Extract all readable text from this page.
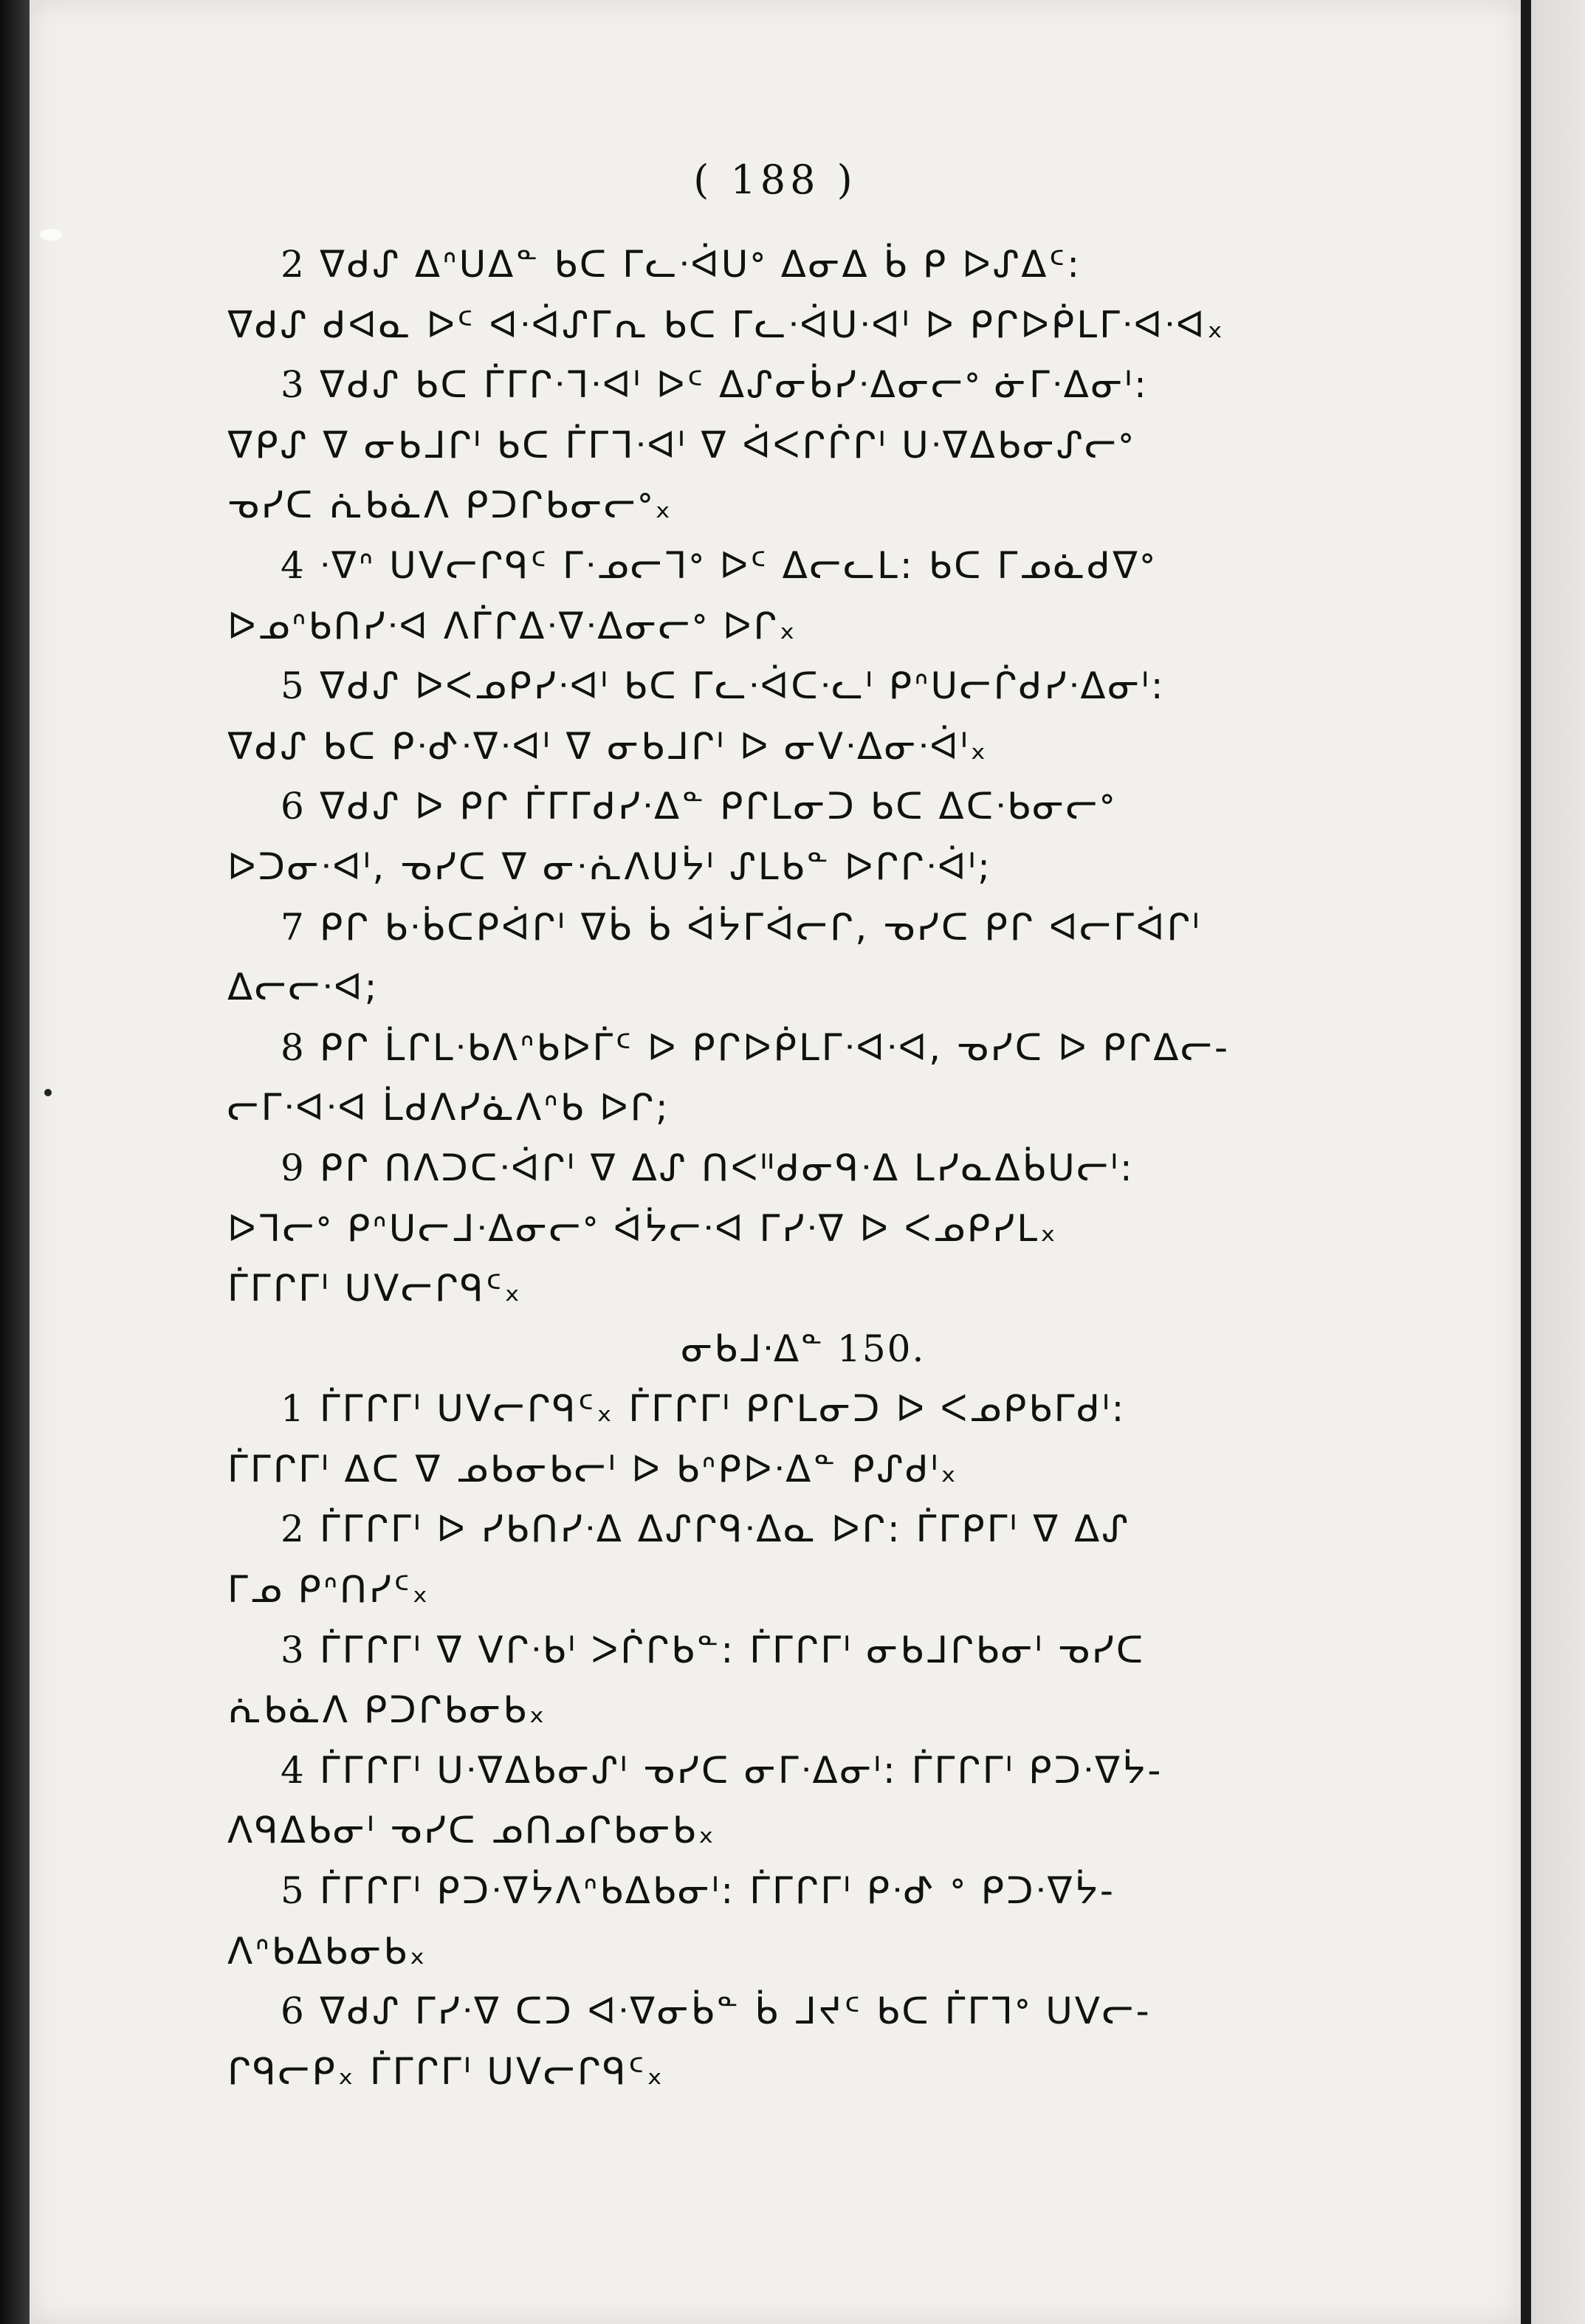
( 188 )
2 ᐁᑯᔑ ᐃᐢᑌᐃᓐ ᑲᑕ ᒥᓚᐧᐋᑌᐤ ᐃᓂᐃ ᑳ ᑭ ᐅᔑᐃᑦ:
ᐁᑯᔑ ᑯᐊᓇ ᐅᑦ ᐊᐧᐋᔑᒥᕆ ᑲᑕ ᒥᓚᐧᐋᑌᐧᐊᑊ ᐅ ᑭᒋᐅᑮᒪᒥᐧᐊᐧᐊₓ
3 ᐁᑯᔑ ᑲᑕ ᒦᒥᒋᐧᒣᐧᐊᑊ ᐅᑦ ᐃᔑᓂᑳᓯᐧᐃᓂᓕᐤ ᓃᒥᐧᐃᓂᑊ:
ᐁᑭᔑ ᐁ ᓂᑲᒧᒋᑊ ᑲᑕ ᒦᒥᒣᐧᐊᑊ ᐁ ᐋᐸᒋᒌᒋᑊ ᑌᐧᐁᐃᑲᓂᔑᓕᐤ
ᓀᓯᑕ ᕇᑲᓈᐱ ᑭᑐᒋᑲᓂᓕᐤₓ
4 ᐧᐁᐢ ᑌᐯᓕᒋᑫᑦ ᒥᐧᓄᓕᒣᐤ ᐅᑦ ᐃᓕᓚᒪ: ᑲᑕ ᒥᓄᓈᑯᐁᐤ
ᐅᓄᐢᑲᑎᓯᐧᐊ ᐱᒦᒋᐃᐧᐁᐧᐃᓂᓕᐤ ᐅᒋₓ
5 ᐁᑯᔑ ᐅᐸᓄᑭᓯᐧᐊᑊ ᑲᑕ ᒥᓚᐧᐋᑕᐧᓚᑊ ᑭᐢᑌᓕᒌᑯᓯᐧᐃᓂᑊ:
ᐁᑯᔑ ᑲᑕ ᑭᐧᕷᐧᐁᐧᐊᑊ ᐁ ᓂᑲᒧᒋᑊ ᐅ ᓂᐯᐧᐃᓂᐧᐋᑊₓ
6 ᐁᑯᔑ ᐅ ᑭᒋ ᒦᒥᒥᑯᓯᐧᐃᓐ ᑭᒋᒪᓂᑐ ᑲᑕ ᐃᑕᐧᑲᓂᓕᐤ
ᐅᑐᓂᐧᐊᑊ, ᓀᓯᑕ ᐁ ᓂᐧᕇᐱᑌᔮᑊ ᔑᒪᑲᓐ ᐅᒋᒋᐧᐋᑊ;
7 ᑭᒋ ᑲᐧᑳᑕᑭᐋᒋᑊ ᐁᑳ ᑳ ᐋᔮᒥᐋᓕᒋ, ᓀᓯᑕ ᑭᒋ ᐊᓕᒥᐋᒋᑊ
ᐃᓕᓕᐧᐊ;
8 ᑭᒋ ᒫᒋᒪᐧᑲᐱᐢᑲᐅᒦᑦ ᐅ ᑭᒋᐅᑮᒪᒥᐧᐊᐧᐊ, ᓀᓯᑕ ᐅ ᑭᒋᐃᓕ-
ᓕᒥᐧᐊᐧᐊ ᒫᑯᐱᓯᓈᐱᐢᑲ ᐅᒋ;
9 ᑭᒋ ᑎᐱᑐᑕᐧᐋᒋᑊ ᐁ ᐃᔑ ᑎᐸᐦᑯᓂᑫᐧᐃ ᒪᓯᓇᐃᑳᑌᓕᑊ:
ᐅᒣᓕᐤ ᑭᐢᑌᓕᒧᐧᐃᓂᓕᐤ ᐋᔮᓕᐧᐊ ᒥᓯᐧᐁ ᐅ ᐸᓄᑭᓯᒪₓ
ᒦᒥᒋᒥᑊ ᑌᐯᓕᒋᑫᑦₓ
ᓂᑲᒧᐧᐃᓐ 150.
1 ᒦᒥᒋᒥᑊ ᑌᐯᓕᒋᑫᑦₓ ᒦᒥᒋᒥᑊ ᑭᒋᒪᓂᑐ ᐅ ᐸᓄᑭᑲᒥᑯᑊ:
ᒦᒥᒋᒥᑊ ᐃᑕ ᐁ ᓄᑲᓂᑲᓕᑊ ᐅ ᑲᐢᑭᐅᐧᐃᓐ ᑭᔑᑯᑊₓ
2 ᒦᒥᒋᒥᑊ ᐅ ᓯᑲᑎᓯᐧᐃ ᐃᔑᒋᑫᐧᐃᓇ ᐅᒋ: ᒦᒥᑭᒥᑊ ᐁ ᐃᔑ
ᒥᓄ ᑭᐢᑎᓯᑦₓ
3 ᒦᒥᒋᒥᑊ ᐁ ᐯᒋᐧᑲᑊ ᐳᒌᒋᑲᓐ: ᒦᒥᒋᒥᑊ ᓂᑲᒧᒋᑲᓂᑊ ᓀᓯᑕ
ᕇᑲᓈᐱ ᑭᑐᒋᑲᓂᑲₓ
4 ᒦᒥᒋᒥᑊ ᑌᐧᐁᐃᑲᓂᔑᑊ ᓀᓯᑕ ᓂᒥᐧᐃᓂᑊ: ᒦᒥᒋᒥᑊ ᑭᑐᐧᐁᔮ-
ᐱᑫᐃᑲᓂᑊ ᓀᓯᑕ ᓄᑎᓄᒋᑲᓂᑲₓ
5 ᒦᒥᒋᒥᑊ ᑭᑐᐧᐁᔮᐱᐢᑲᐃᑲᓂᑊ: ᒦᒥᒋᒥᑊ ᑭᐧᕷ ᐤ ᑭᑐᐧᐁᔮ-
ᐱᐢᑲᐃᑲᓂᑲₓ
6 ᐁᑯᔑ ᒥᓯᐧᐁ ᑕᑐ ᐊᐧᐁᓂᑳᓐ ᑳ ᒧᔪᑦ ᑲᑕ ᒦᒥᒣᐤ ᑌᐯᓕ-
ᒋᑫᓕᑭₓ ᒦᒥᒋᒥᑊ ᑌᐯᓕᒋᑫᑦₓ
